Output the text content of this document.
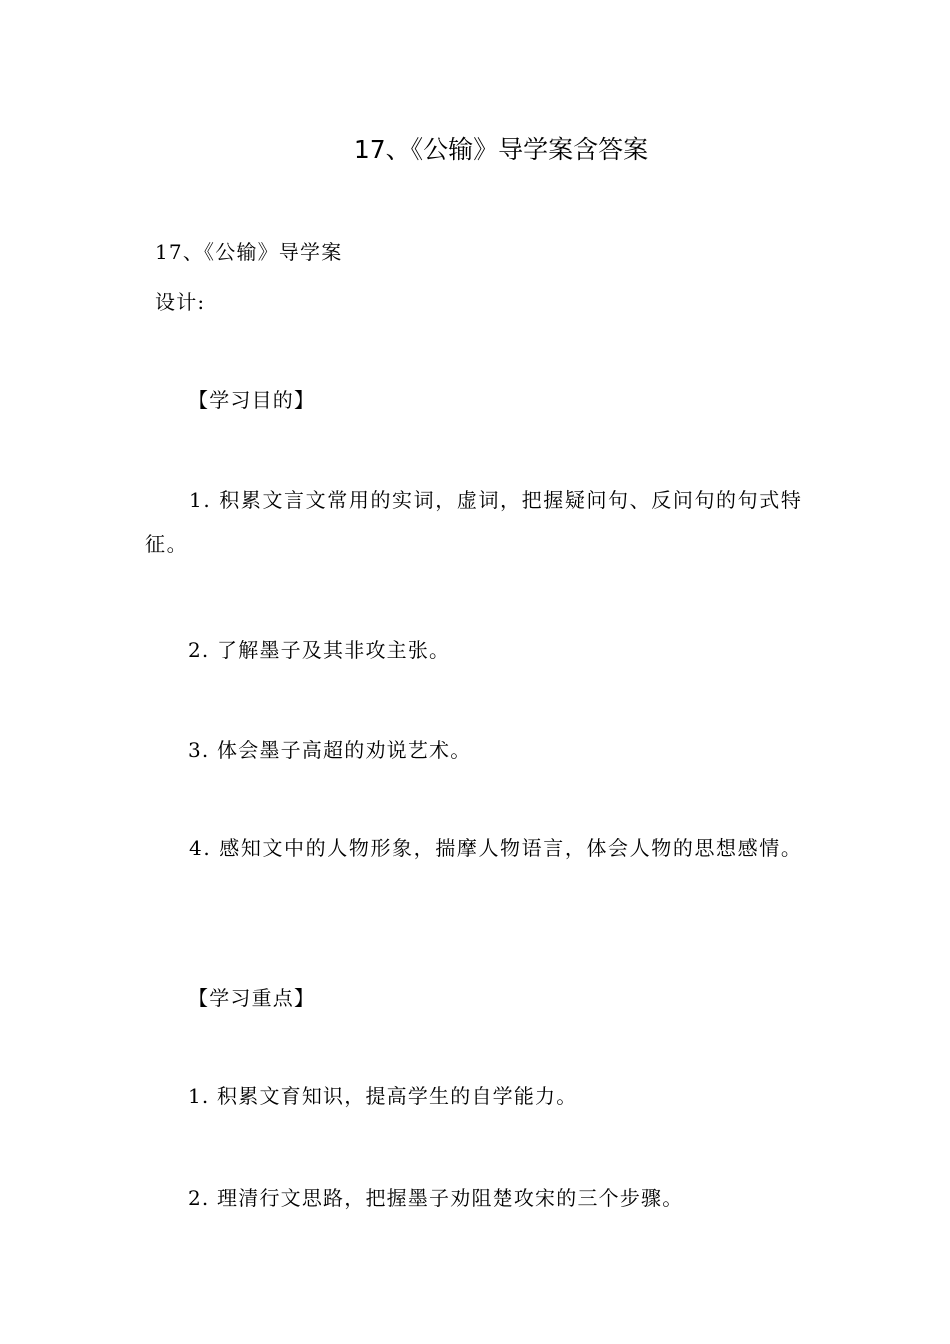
17、《公输》导学案含答案
17、《公输》导学案
设计:
【学习目的】
1. 积累文言文常用的实词，虚词，把握疑问句、反问句的句式特征。
2. 了解墨子及其非攻主张。
3. 体会墨子高超的劝说艺术。
4. 感知文中的人物形象，揣摩人物语言，体会人物的思想感情。
【学习重点】
1. 积累文育知识，提高学生的自学能力。
2. 理清行文思路，把握墨子劝阻楚攻宋的三个步骤。
